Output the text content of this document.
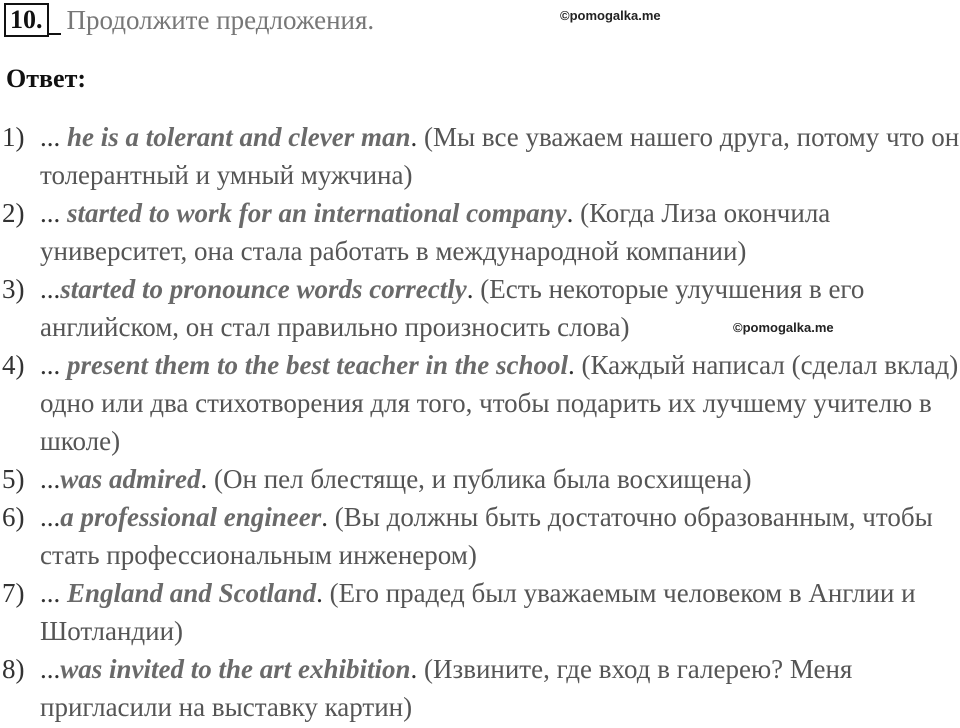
10. Продолжите предложения.	©pomogalka.me
Ответ:
1) ... he is a tolerant and clever man. (Мы все уважаем нашего друга, потому что он толерантный и умный мужчина)
2) ... started to work for an international company. (Когда Лиза окончила университет, она стала работать в международной компании)
3) ...started to pronounce words correctly. (Есть некоторые улучшения в его английском, он стал правильно произносить слова)
4) ... present them to the best teacher in the school. (Каждый написал (сделал вклад) одно или два стихотворения для того, чтобы подарить их лучшему учителю в школе)
5) ...was admired. (Он пел блестяще, и публика была восхищена)
6) ...a professional engineer. (Вы должны быть достаточно образованным, чтобы стать профессиональным инженером)
7) ... England and Scotland. (Его прадед был уважаемым человеком в Англии и Шотландии)
8) ...was invited to the art exhibition. (Извините, где вход в галерею? Меня пригласили на выставку картин)
©pomogalka.me
